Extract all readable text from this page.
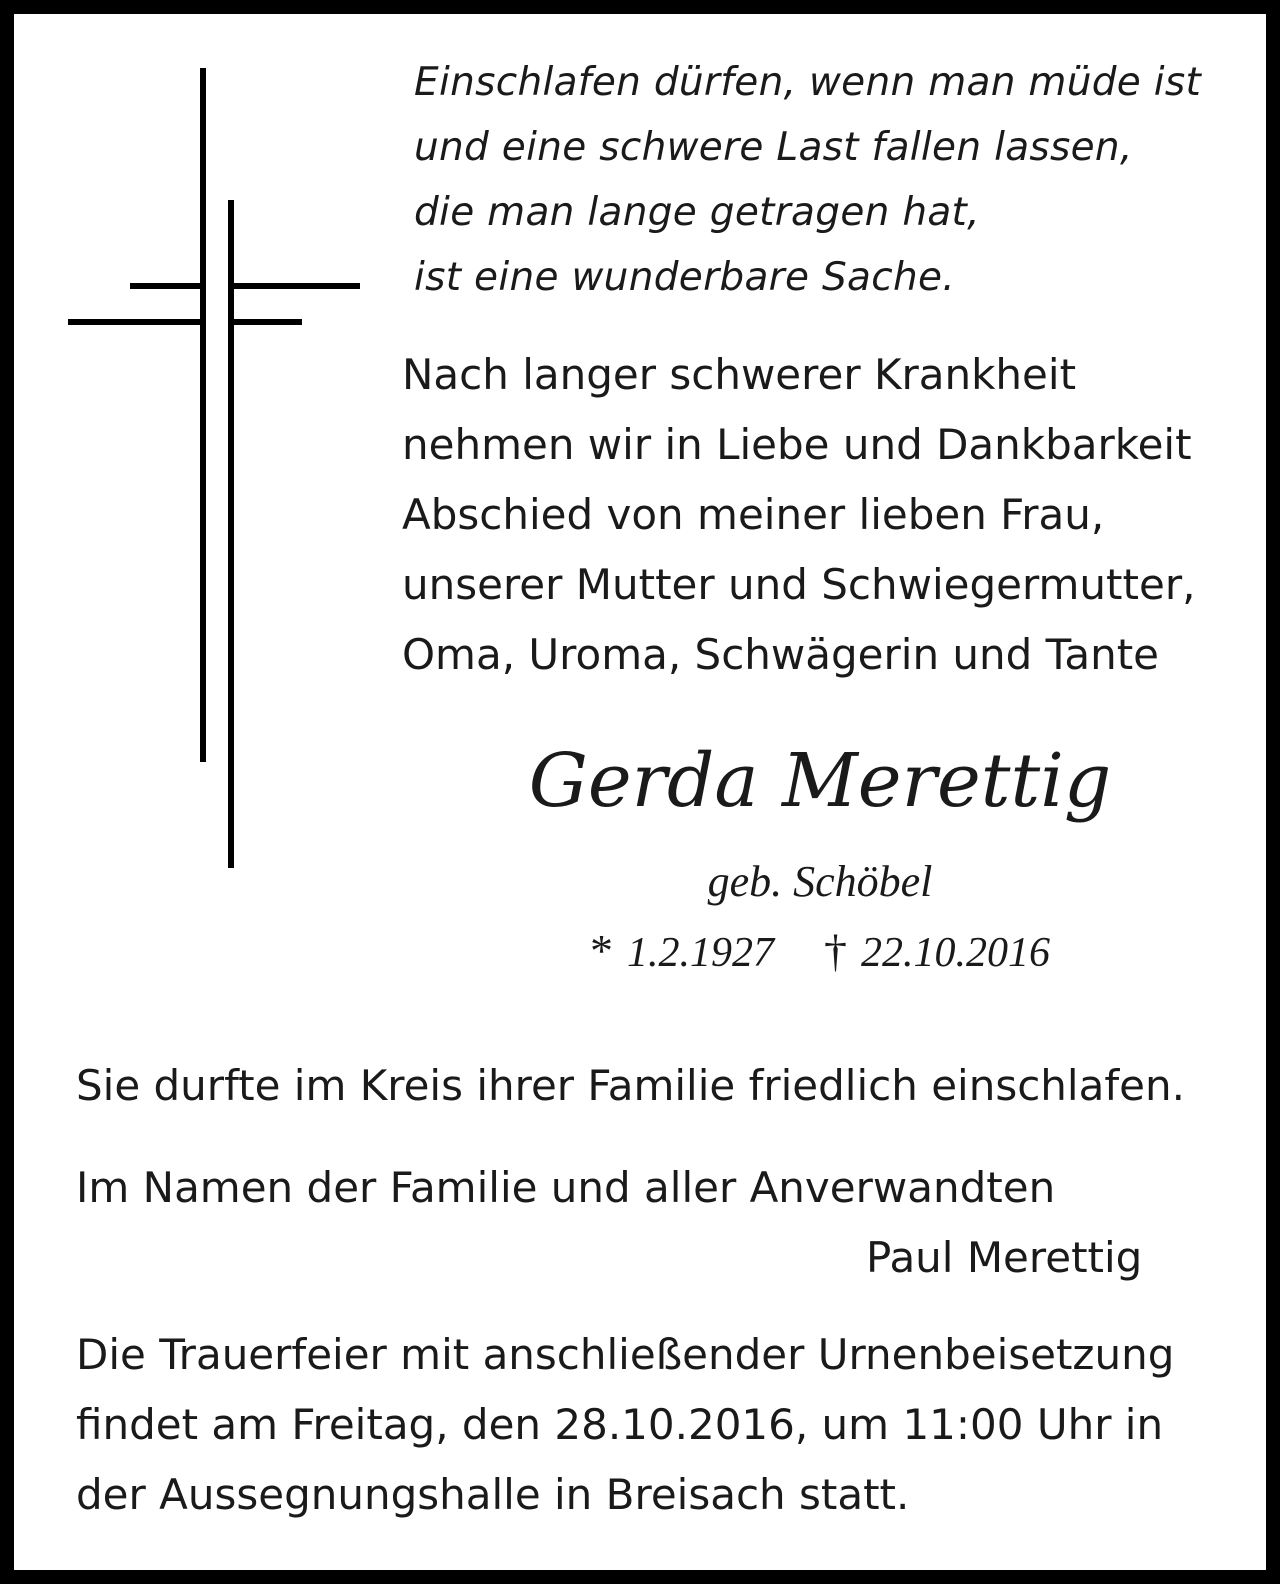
Einschlafen dürfen, wenn man müde ist
und eine schwere Last fallen lassen,
die man lange getragen hat,
ist eine wunderbare Sache.
Nach langer schwerer Krankheit
nehmen wir in Liebe und Dankbarkeit
Abschied von meiner lieben Frau,
unserer Mutter und Schwiegermutter,
Oma, Uroma, Schwägerin und Tante
Gerda Merettig
geb. Schöbel
* 1.2.1927 † 22.10.2016
Sie durfte im Kreis ihrer Familie friedlich einschlafen.
Im Namen der Familie und aller Anverwandten
Paul Merettig
Die Trauerfeier mit anschließender Urnenbeisetzung
findet am Freitag, den 28.10.2016, um 11:00 Uhr in
der Aussegnungshalle in Breisach statt.
